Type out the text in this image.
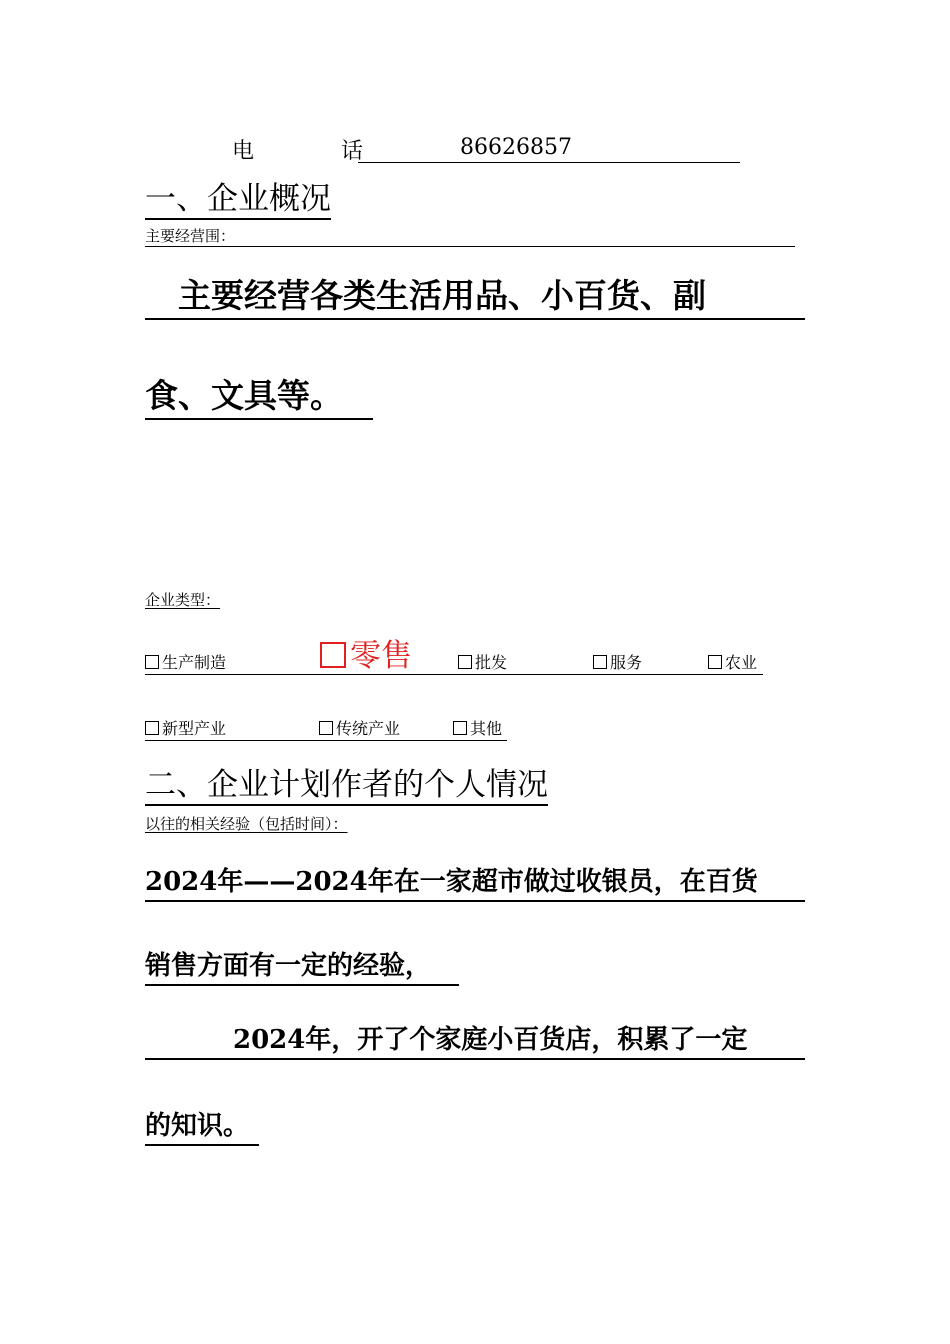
电 话	86626857
一、企业概况
主要经营围：
　主要经营各类生活用品、小百货、副
食、文具等。
企业类型：
生产制造	零售	批发	服务	农业
新型产业	传统产业	其他
二、企业计划作者的个人情况
以往的相关经验（包括时间）：
2024年——2024年在一家超市做过收银员，在百货
销售方面有一定的经验，
2024年，开了个家庭小百货店，积累了一定
的知识。
